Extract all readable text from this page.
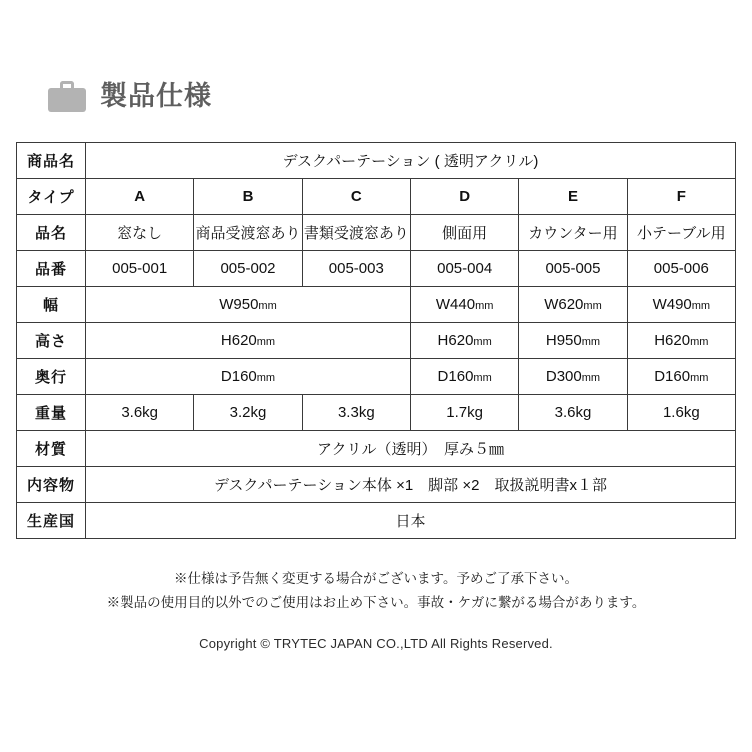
製品仕様
商品名	デスクパーテーション ( 透明アクリル)					
タイプ	A	B	C	D	E	F
品名	窓なし	商品受渡窓あり	書類受渡窓あり	側面用	カウンター用	小テーブル用
品番	005-001	005-002	005-003	005-004	005-005	005-006
幅	W950mm			W440mm	W620mm	W490mm
高さ	H620mm			H620mm	H950mm	H620mm
奥行	D160mm			D160mm	D300mm	D160mm
重量	3.6kg	3.2kg	3.3kg	1.7kg	3.6kg	1.6kg
材質	アクリル（透明）　厚み５㎜					
内容物	デスクパーテーション本体 ×1　脚部 ×2　取扱説明書x１部					
生産国	日本					
※仕様は予告無く変更する場合がございます。予めご了承下さい。
※製品の使用目的以外でのご使用はお止め下さい。事故・ケガに繋がる場合があります。
Copyright © TRYTEC JAPAN CO.,LTD All Rights Reserved.
